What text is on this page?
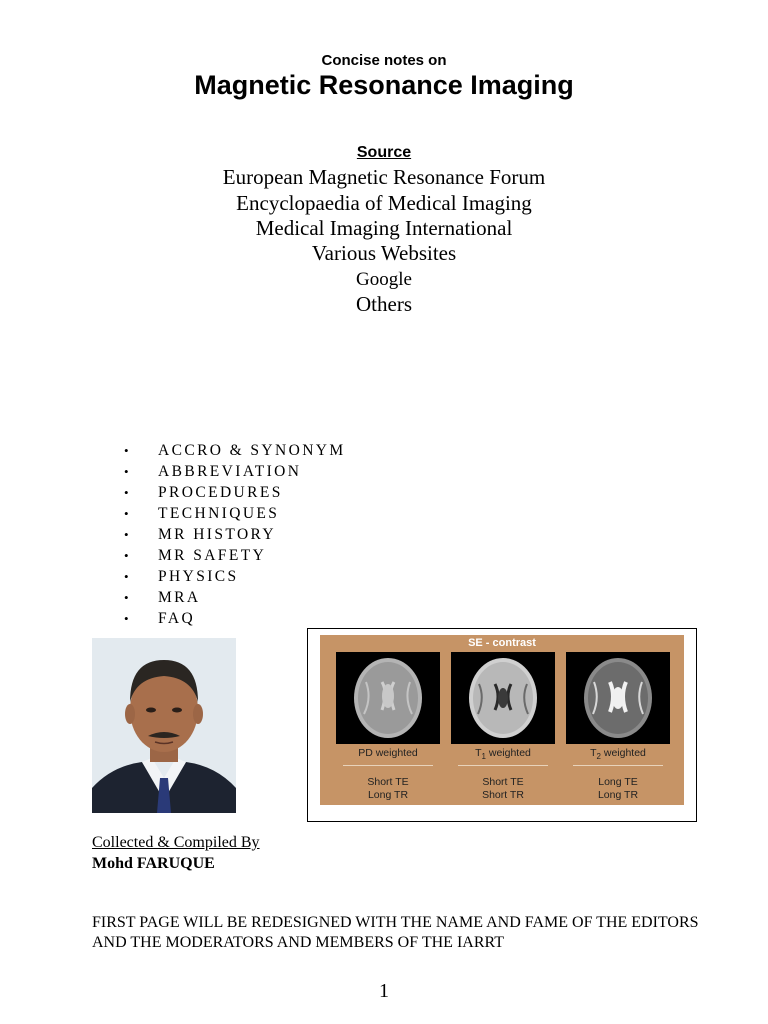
Concise notes on
Magnetic Resonance Imaging
Source
European Magnetic Resonance Forum
Encyclopaedia of Medical Imaging
Medical Imaging International
Various Websites
Google
Others
•	ACCRO & SYNONYM
•	ABBREVIATION
•	PROCEDURES
•	TECHNIQUES
•	MR HISTORY
•	MR SAFETY
•	PHYSICS
•	MRA
•	FAQ
SE - contrast
PD weighted
Short TE
Long TR
$T_1$ weighted
Short TE
Short TR
$T_2$ weighted
Long TE
Long TR
Collected & Compiled By
Mohd FARUQUE
FIRST PAGE WILL BE REDESIGNED WITH THE NAME AND FAME OF THE EDITORS AND THE MODERATORS AND MEMBERS OF THE IARRT
1
